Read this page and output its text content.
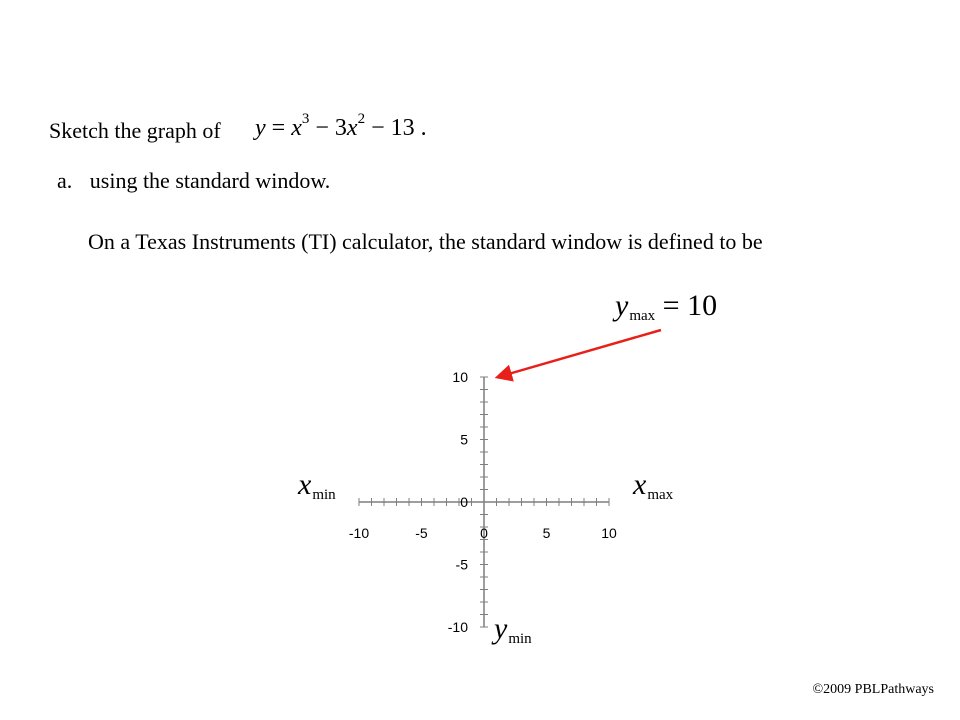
Sketch the graph of $y = x^3 - 3x^2 - 13$ .
a. using the standard window.
On a Texas Instruments (TI) calculator, the standard window is defined to be
$y_{max} = 10$
$x_{min}$	$x_{max}$
$y_{min}$
-10	-5	0	5	10
10
5
0
-5
-10
©2009 PBLPathways
